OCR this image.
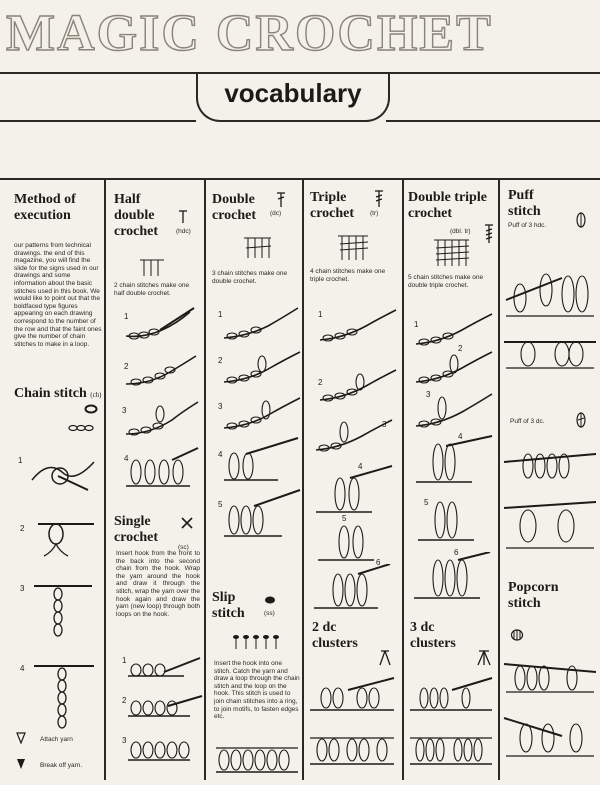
MAGIC CROCHET
vocabulary
Method of execution
our patterns from technical drawings. the end of this magazine, you will find the slide for the signs used in our drawings and some information about the basic stitches used in this book. We would like to point out that the boldfaced type figures appearing on each drawing correspond to the number of the row and that the faint ones give the number of chain stitches to make in a loop.
Chain stitch (ch)
1
2
3
4
Attach yarn
Break off yarn.
Half double crochet	(hdc)
2 chain stitches make one half double crochet.
1
2
3
4
Single crochet
(sc)
Insert hook from the front to the back into the second chain from the hook. Wrap the yarn around the hook and draw it through the stitch, wrap the yarn over the hook again and draw the yarn (new loop) through both loops on the hook.
1
2
3
Double crochet	(dc)
3 chain stitches make one double crochet.
1
2
3
4
5
Slip stitch	(ss)
Insert the hook into one stitch. Catch the yarn and draw a loop through the chain stitch and the loop on the hook. This stitch is used to join chain stitches into a ring, to join motifs, to fasten edges etc.
Triple crochet	(tr)
4 chain stitches make one triple crochet.
1
2
3
4
5
6
2 dc clusters
Double triple crochet
(dbl. tr)
5 chain stitches make one double triple crochet.
1
2
3
4
5
6
3 dc clusters
Puff stitch
Puff of 3 hdc.
Puff of 3 dc.
Popcorn stitch
